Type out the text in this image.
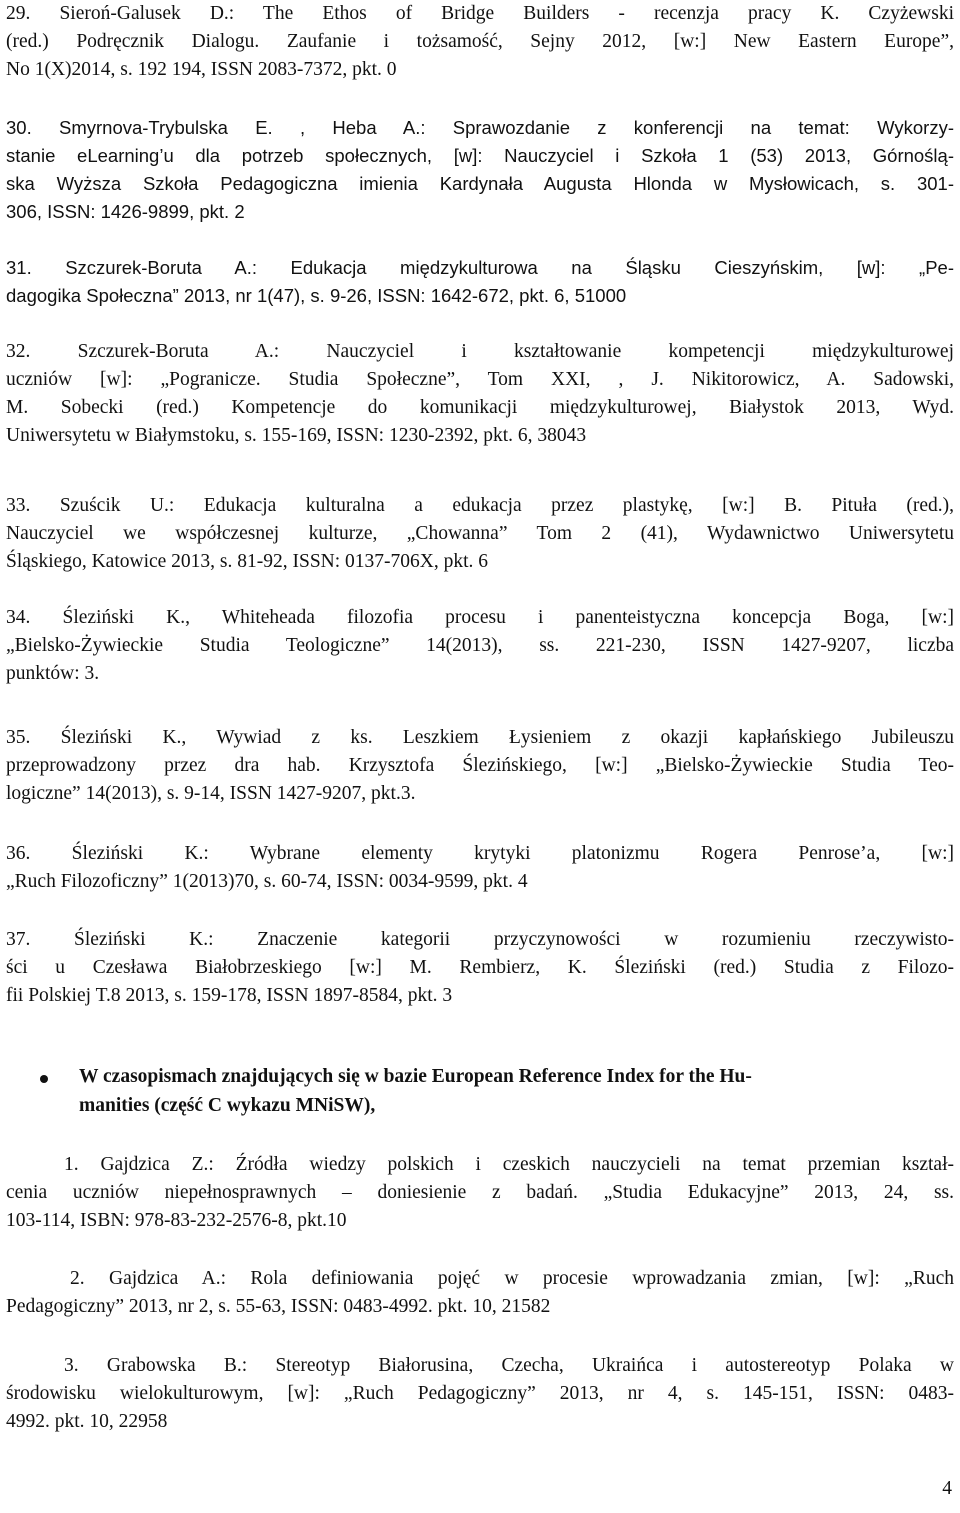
29. Sieroń-Galusek D.: The Ethos of Bridge Builders - recenzja pracy K. Czyżewski
(red.) Podręcznik Dialogu. Zaufanie i tożsamość, Sejny 2012, [w:] New Eastern Europe”,
No 1(X)2014, s. 192 194, ISSN 2083-7372, pkt. 0
30. Smyrnova-Trybulska E. , Heba A.: Sprawozdanie z konferencji na temat: Wykorzy-
stanie eLearning’u dla potrzeb społecznych, [w]: Nauczyciel i Szkoła 1 (53) 2013, Górnoślą-
ska Wyższa Szkoła Pedagogiczna imienia Kardynała Augusta Hlonda w Mysłowicach, s. 301-
306, ISSN: 1426-9899, pkt. 2
31. Szczurek-Boruta A.: Edukacja międzykulturowa na Śląsku Cieszyńskim, [w]: „Pe-
dagogika Społeczna” 2013, nr 1(47), s. 9-26, ISSN: 1642-672, pkt. 6, 51000
32. Szczurek-Boruta A.: Nauczyciel i kształtowanie kompetencji międzykulturowej
uczniów [w]: „Pogranicze. Studia Społeczne”, Tom XXI, , J. Nikitorowicz, A. Sadowski,
M. Sobecki (red.) Kompetencje do komunikacji międzykulturowej, Białystok 2013, Wyd.
Uniwersytetu w Białymstoku, s. 155-169, ISSN: 1230-2392, pkt. 6, 38043
33. Szuścik U.: Edukacja kulturalna a edukacja przez plastykę, [w:] B. Pituła (red.),
Nauczyciel we współczesnej kulturze, „Chowanna” Tom 2 (41), Wydawnictwo Uniwersytetu
Śląskiego, Katowice 2013, s. 81-92, ISSN: 0137-706X, pkt. 6
34. Śleziński K., Whiteheada filozofia procesu i panenteistyczna koncepcja Boga, [w:]
„Bielsko-Żywieckie Studia Teologiczne” 14(2013), ss. 221-230, ISSN 1427-9207, liczba
punktów: 3.
35. Śleziński K., Wywiad z ks. Leszkiem Łysieniem z okazji kapłańskiego Jubileuszu
przeprowadzony przez dra hab. Krzysztofa Ślezińskiego, [w:] „Bielsko-Żywieckie Studia Teo-
logiczne” 14(2013), s. 9-14, ISSN 1427-9207, pkt.3.
36. Śleziński K.: Wybrane elementy krytyki platonizmu Rogera Penrose’a, [w:]
„Ruch Filozoficzny” 1(2013)70, s. 60-74, ISSN: 0034-9599, pkt. 4
37. Śleziński K.: Znaczenie kategorii przyczynowości w rozumieniu rzeczywisto-
ści u Czesława Białobrzeskiego [w:] M. Rembierz, K. Śleziński (red.) Studia z Filozo-
fii Polskiej T.8 2013, s. 159-178, ISSN 1897-8584, pkt. 3
W czasopismach znajdujących się w bazie European Reference Index for the Hu-
manities (część C wykazu MNiSW),
1. Gajdzica Z.: Źródła wiedzy polskich i czeskich nauczycieli na temat przemian kształ-
cenia uczniów niepełnosprawnych – doniesienie z badań. „Studia Edukacyjne” 2013, 24, ss.
103-114, ISBN: 978-83-232-2576-8, pkt.10
2. Gajdzica A.: Rola definiowania pojęć w procesie wprowadzania zmian, [w]: „Ruch
Pedagogiczny” 2013, nr 2, s. 55-63, ISSN: 0483-4992. pkt. 10, 21582
3. Grabowska B.: Stereotyp Białorusina, Czecha, Ukraińca i autostereotyp Polaka w
środowisku wielokulturowym, [w]: „Ruch Pedagogiczny” 2013, nr 4, s. 145-151, ISSN: 0483-
4992. pkt. 10, 22958
4
